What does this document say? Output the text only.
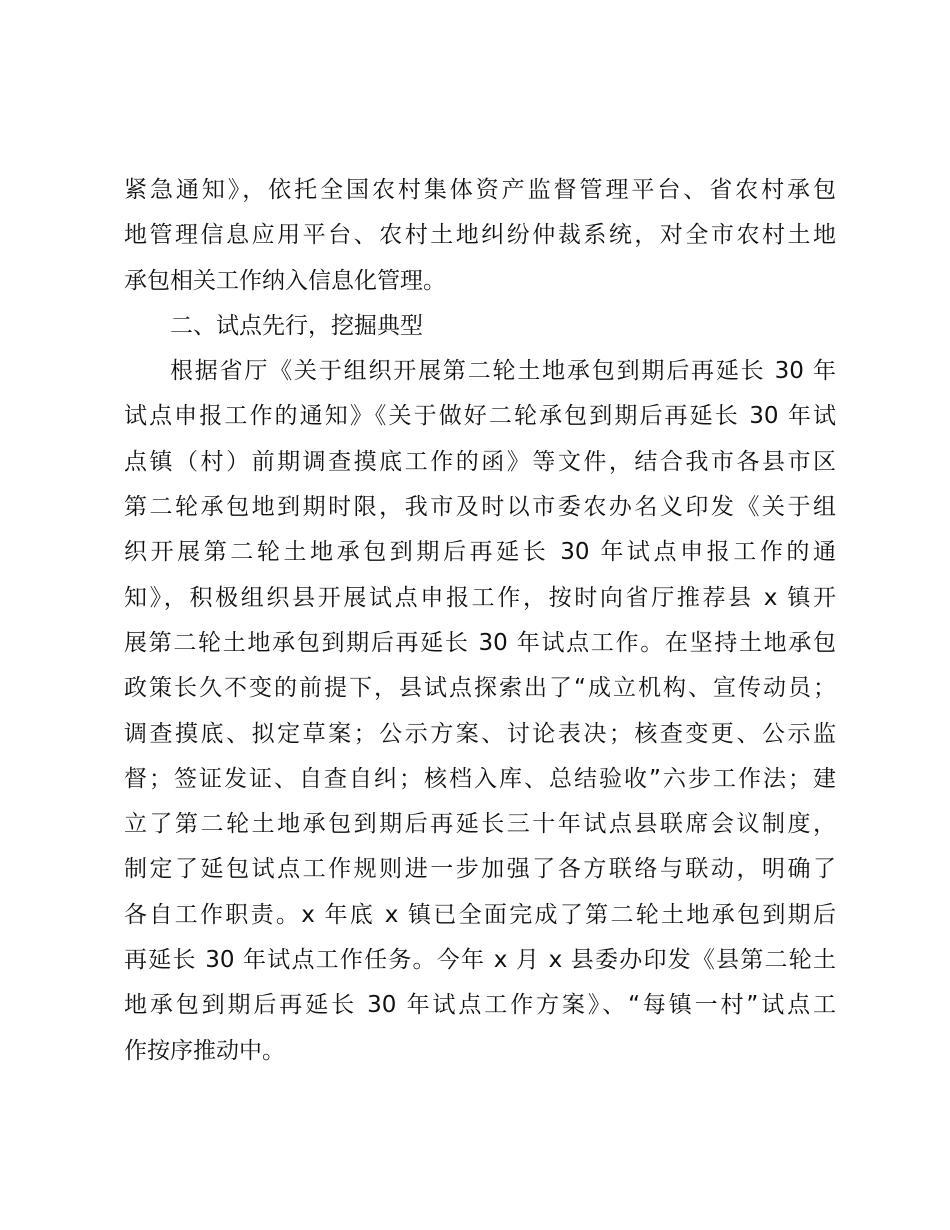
紧急通知》，依托全国农村集体资产监督管理平台、省农村承包
地管理信息应用平台、农村土地纠纷仲裁系统，对全市农村土地
承包相关工作纳入信息化管理。

二、试点先行，挖掘典型

根据省厅《关于组织开展第二轮土地承包到期后再延长 30 年
试点申报工作的通知》《关于做好二轮承包到期后再延长 30 年试
点镇（村）前期调查摸底工作的函》等文件，结合我市各县市区
第二轮承包地到期时限，我市及时以市委农办名义印发《关于组
织开展第二轮土地承包到期后再延长 30 年试点申报工作的通
知》，积极组织县开展试点申报工作，按时向省厅推荐县 x 镇开
展第二轮土地承包到期后再延长 30 年试点工作。在坚持土地承包
政策长久不变的前提下，县试点探索出了“成立机构、宣传动员；
调查摸底、拟定草案；公示方案、讨论表决；核查变更、公示监
督；签证发证、自查自纠；核档入库、总结验收”六步工作法；建
立了第二轮土地承包到期后再延长三十年试点县联席会议制度，
制定了延包试点工作规则进一步加强了各方联络与联动，明确了
各自工作职责。x 年底 x 镇已全面完成了第二轮土地承包到期后
再延长 30 年试点工作任务。今年 x 月 x 县委办印发《县第二轮土
地承包到期后再延长 30 年试点工作方案》、“每镇一村”试点工
作按序推动中。
